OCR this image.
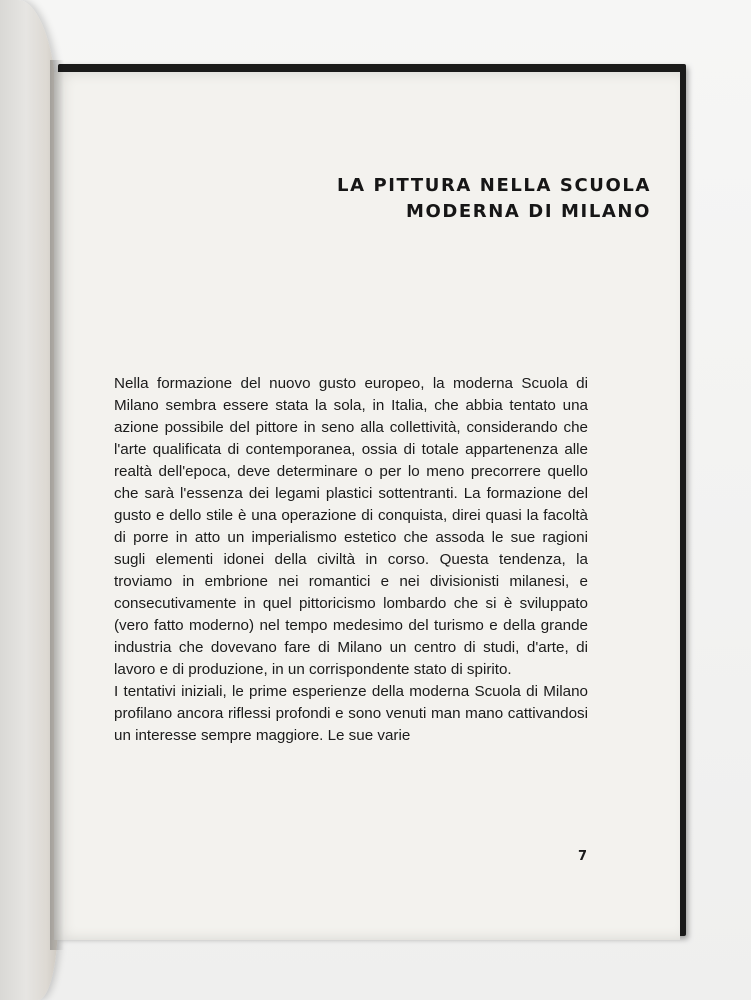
LA PITTURA NELLA SCUOLA
MODERNA DI MILANO

Nella formazione del nuovo gusto europeo, la moderna Scuola di Milano sembra essere stata la sola, in Italia, che abbia tentato una azione possibile del pittore in seno alla collettività, considerando che l'arte qualificata di contemporanea, ossia di totale appartenenza alle realtà dell'epoca, deve determinare o per lo meno precorrere quello che sarà l'essenza dei legami plastici sottentranti. La formazione del gusto e dello stile è una operazione di conquista, direi quasi la facoltà di porre in atto un imperialismo estetico che assoda le sue ragioni sugli elementi idonei della civiltà in corso. Questa tendenza, la troviamo in embrione nei romantici e nei divisionisti milanesi, e consecutivamente in quel pittoricismo lombardo che si è sviluppato (vero fatto moderno) nel tempo medesimo del turismo e della grande industria che dovevano fare di Milano un centro di studi, d'arte, di lavoro e di produzione, in un corrispondente stato di spirito.

I tentativi iniziali, le prime esperienze della moderna Scuola di Milano profilano ancora riflessi profondi e sono venuti man mano cattivandosi un interesse sempre maggiore. Le sue varie

7
